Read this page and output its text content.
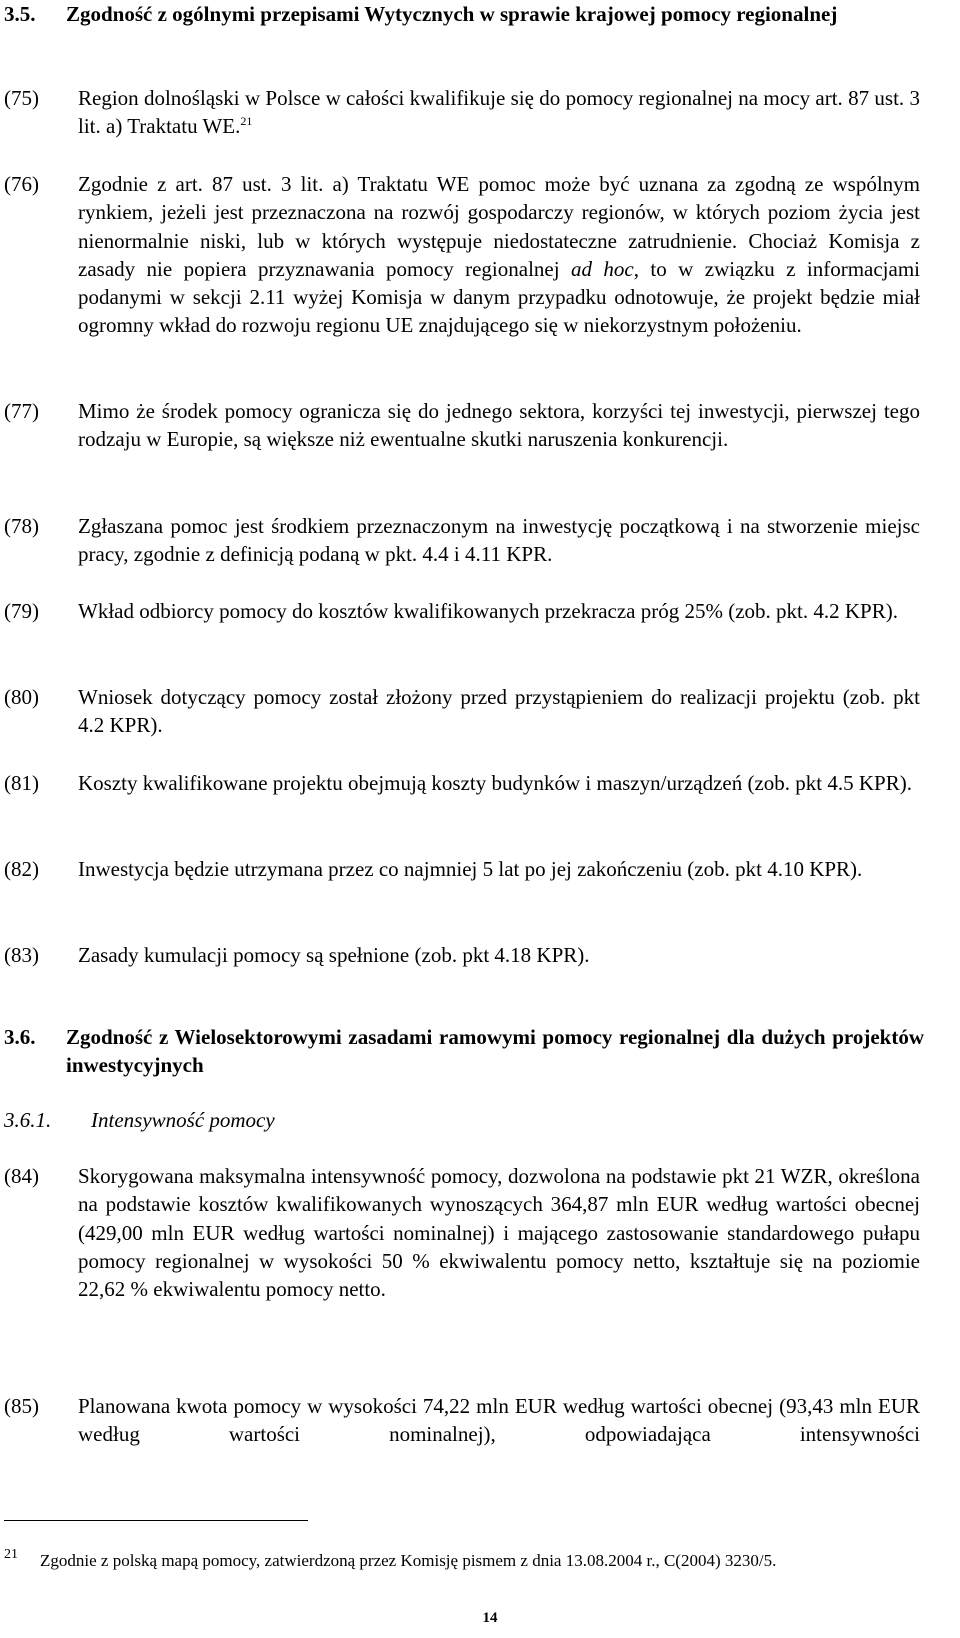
3.5. Zgodność z ogólnymi przepisami Wytycznych w sprawie krajowej pomocy regionalnej
(75) Region dolnośląski w Polsce w całości kwalifikuje się do pomocy regionalnej na mocy art. 87 ust. 3 lit. a) Traktatu WE.$^{21}$
(76) Zgodnie z art. 87 ust. 3 lit. a) Traktatu WE pomoc może być uznana za zgodną ze wspólnym rynkiem, jeżeli jest przeznaczona na rozwój gospodarczy regionów, w których poziom życia jest nienormalnie niski, lub w których występuje niedostateczne zatrudnienie. Chociaż Komisja z zasady nie popiera przyznawania pomocy regionalnej ad hoc, to w związku z informacjami podanymi w sekcji 2.11 wyżej Komisja w danym przypadku odnotowuje, że projekt będzie miał ogromny wkład do rozwoju regionu UE znajdującego się w niekorzystnym położeniu.
(77) Mimo że środek pomocy ogranicza się do jednego sektora, korzyści tej inwestycji, pierwszej tego rodzaju w Europie, są większe niż ewentualne skutki naruszenia konkurencji.
(78) Zgłaszana pomoc jest środkiem przeznaczonym na inwestycję początkową i na stworzenie miejsc pracy, zgodnie z definicją podaną w pkt. 4.4 i 4.11 KPR.
(79) Wkład odbiorcy pomocy do kosztów kwalifikowanych przekracza próg 25% (zob. pkt. 4.2 KPR).
(80) Wniosek dotyczący pomocy został złożony przed przystąpieniem do realizacji projektu (zob. pkt 4.2 KPR).
(81) Koszty kwalifikowane projektu obejmują koszty budynków i maszyn/urządzeń (zob. pkt 4.5 KPR).
(82) Inwestycja będzie utrzymana przez co najmniej 5 lat po jej zakończeniu (zob. pkt 4.10 KPR).
(83) Zasady kumulacji pomocy są spełnione (zob. pkt 4.18 KPR).
3.6. Zgodność z Wielosektorowymi zasadami ramowymi pomocy regionalnej dla dużych projektów inwestycyjnych
3.6.1. Intensywność pomocy
(84) Skorygowana maksymalna intensywność pomocy, dozwolona na podstawie pkt 21 WZR, określona na podstawie kosztów kwalifikowanych wynoszących 364,87 mln EUR według wartości obecnej (429,00 mln EUR według wartości nominalnej) i mającego zastosowanie standardowego pułapu pomocy regionalnej w wysokości 50 % ekwiwalentu pomocy netto, kształtuje się na poziomie 22,62 % ekwiwalentu pomocy netto.
(85) Planowana kwota pomocy w wysokości 74,22 mln EUR według wartości obecnej (93,43 mln EUR według wartości nominalnej), odpowiadająca intensywności
21 Zgodnie z polską mapą pomocy, zatwierdzoną przez Komisję pismem z dnia 13.08.2004 r., C(2004) 3230/5.
14
